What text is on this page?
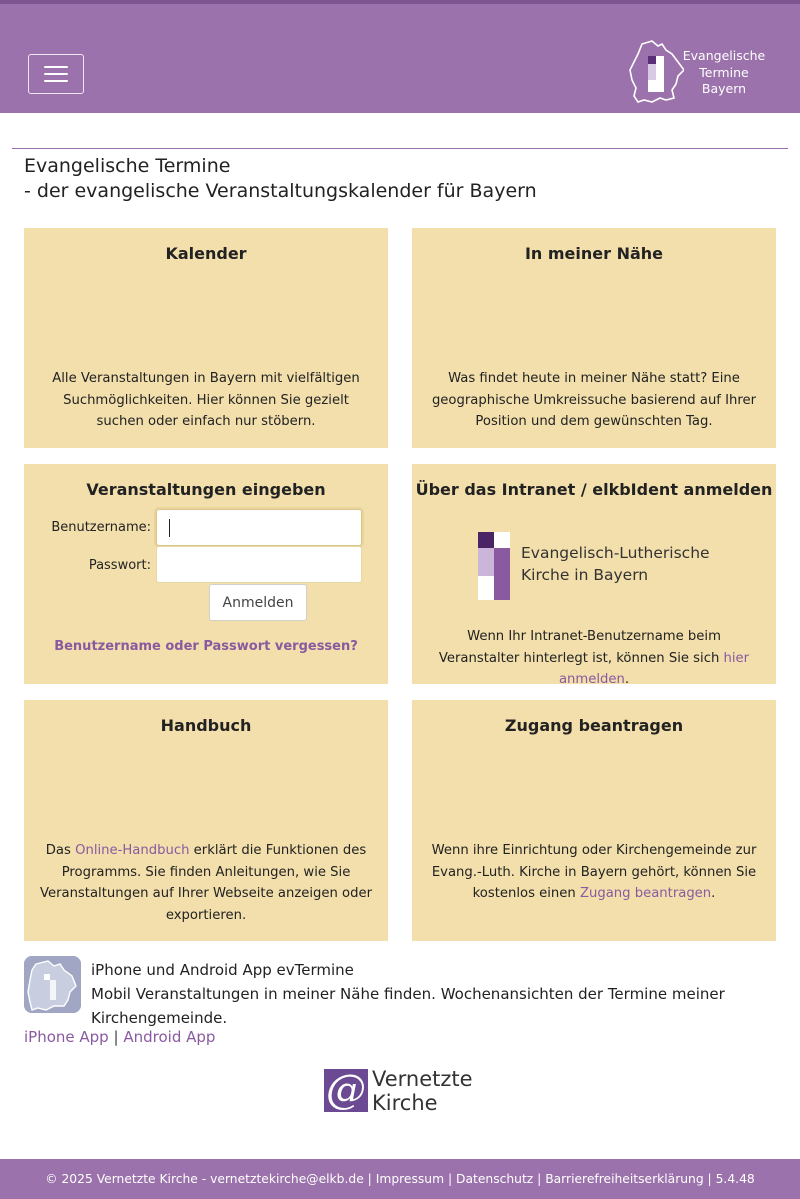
Evangelische
Termine
Bayern
Evangelische Termine
- der evangelische Veranstaltungskalender für Bayern
Kalender
Alle Veranstaltungen in Bayern mit vielfältigen Suchmöglichkeiten. Hier können Sie gezielt suchen oder einfach nur stöbern.
In meiner Nähe
Was findet heute in meiner Nähe statt? Eine geographische Umkreissuche basierend auf Ihrer Position und dem gewünschten Tag.
Veranstaltungen eingeben
Benutzername:
Passwort:
Anmelden
Benutzername oder Passwort vergessen?
Über das Intranet / elkbIdent anmelden
Evangelisch-Lutherische
Kirche in Bayern
Wenn Ihr Intranet-Benutzername beim Veranstalter hinterlegt ist, können Sie sich hier anmelden.
Handbuch
Das Online-Handbuch erklärt die Funktionen des Programms. Sie finden Anleitungen, wie Sie Veranstaltungen auf Ihrer Webseite anzeigen oder exportieren.
Zugang beantragen
Wenn ihre Einrichtung oder Kirchengemeinde zur Evang.-Luth. Kirche in Bayern gehört, können Sie kostenlos einen Zugang beantragen.
iPhone und Android App evTermine
Mobil Veranstaltungen in meiner Nähe finden. Wochenansichten der Termine meiner Kirchengemeinde.
iPhone App | Android App
@ Vernetzte
Kirche
© 2025 Vernetzte Kirche - vernetztekirche@elkb.de | Impressum | Datenschutz | Barrierefreiheitserklärung | 5.4.48
